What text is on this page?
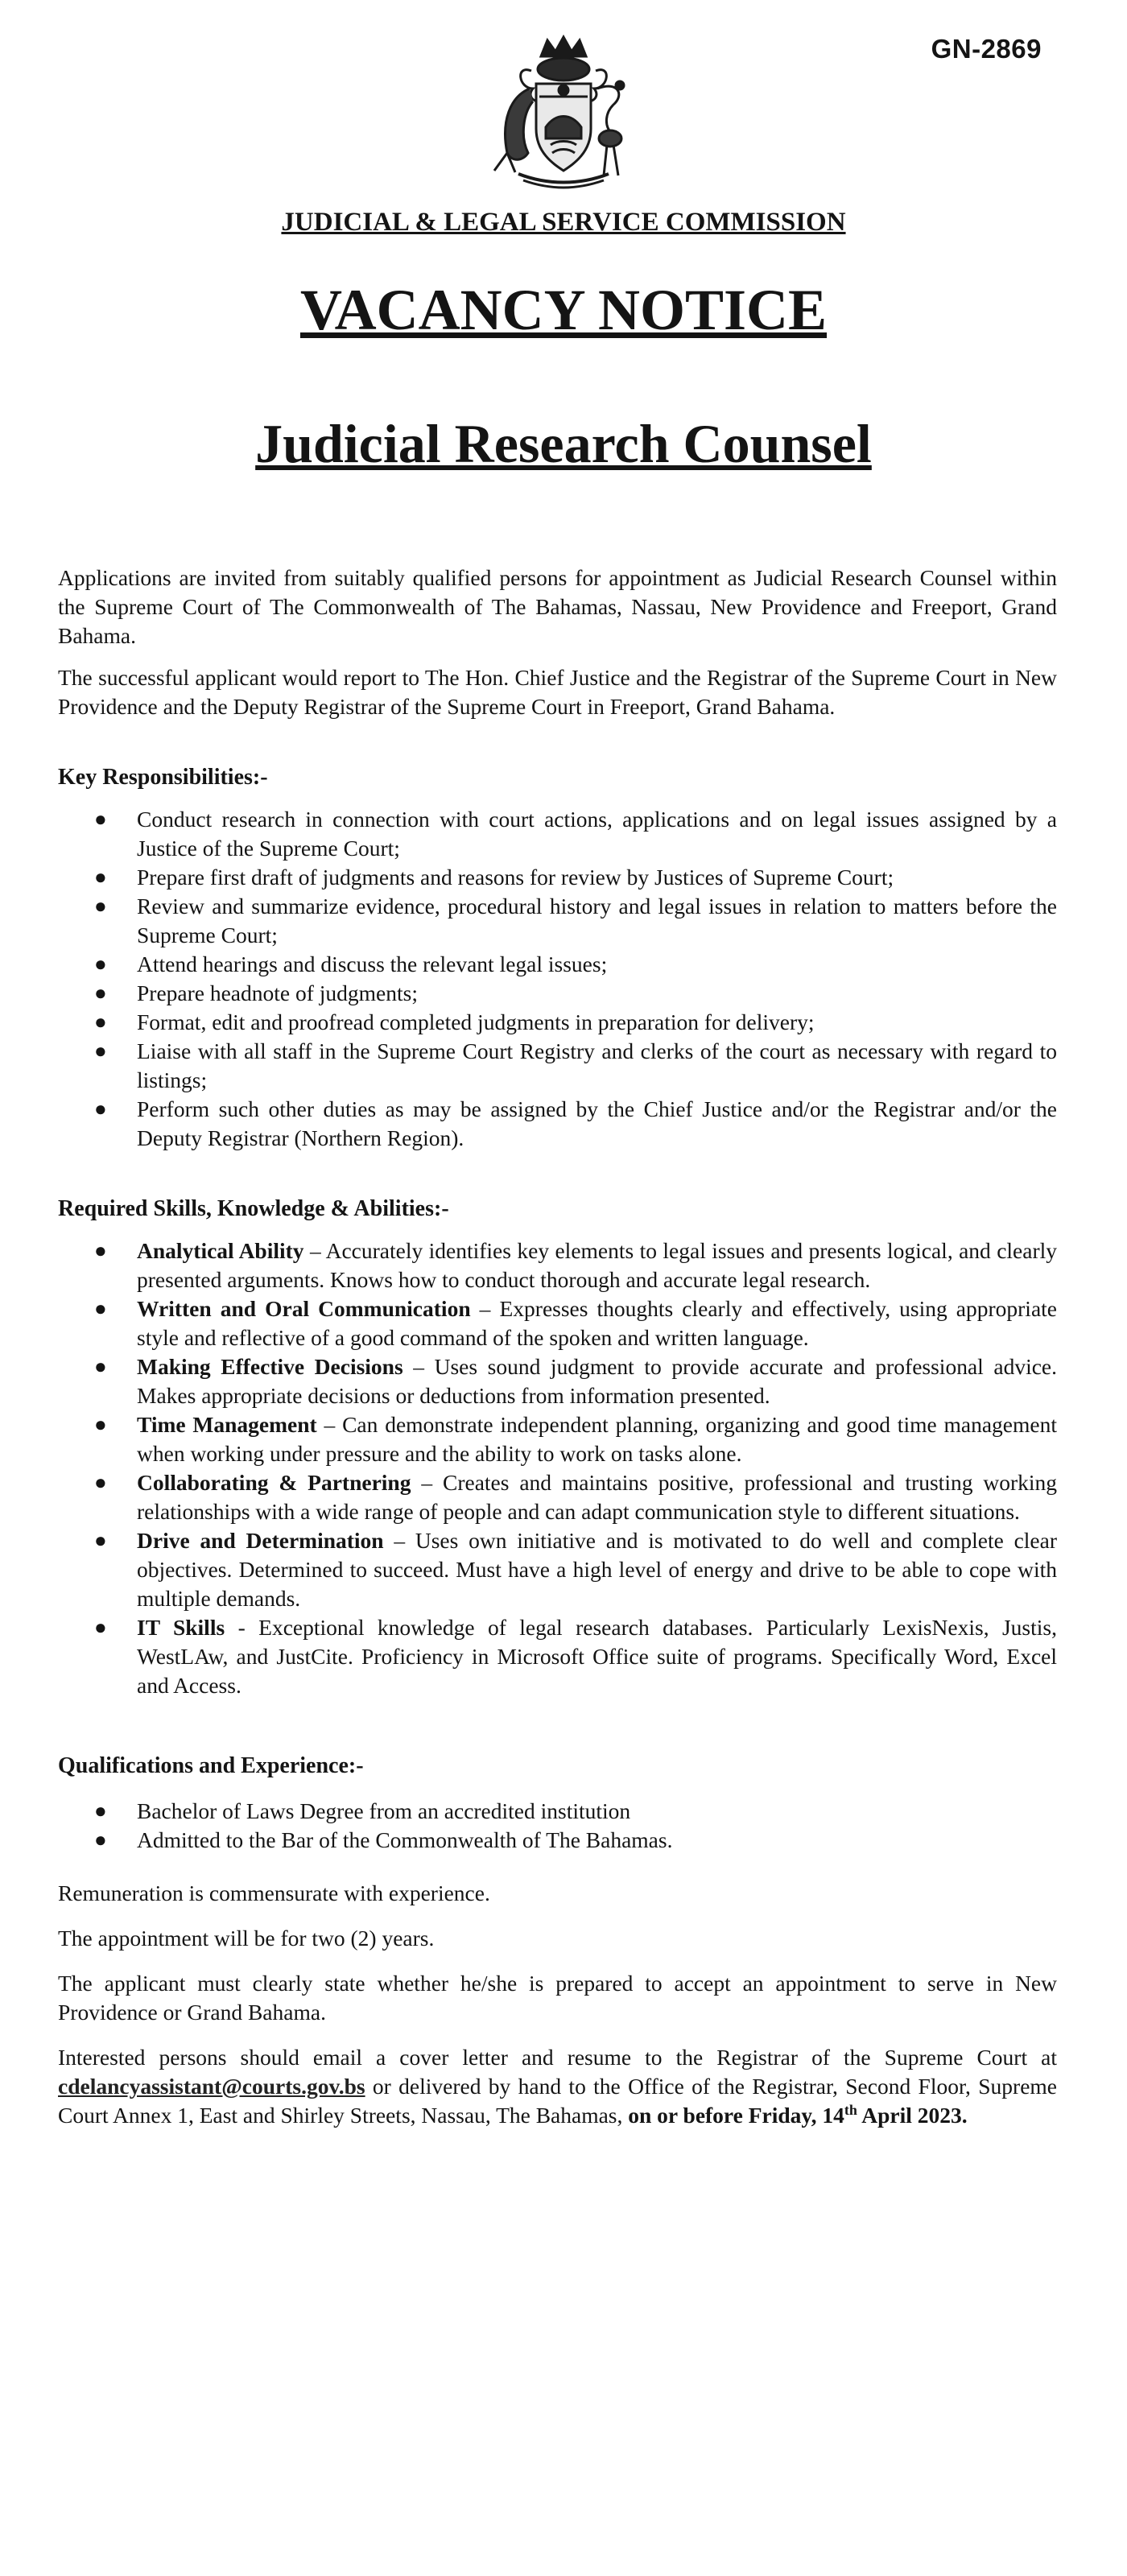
GN-2869
JUDICIAL & LEGAL SERVICE COMMISSION
VACANCY NOTICE
Judicial Research Counsel

Applications are invited from suitably qualified persons for appointment as Judicial Research Counsel within the Supreme Court of The Commonwealth of The Bahamas, Nassau, New Providence and Freeport, Grand Bahama.

The successful applicant would report to The Hon. Chief Justice and the Registrar of the Supreme Court in New Providence and the Deputy Registrar of the Supreme Court in Freeport, Grand Bahama.

Key Responsibilities:-

● Conduct research in connection with court actions, applications and on legal issues assigned by a Justice of the Supreme Court;
● Prepare first draft of judgments and reasons for review by Justices of Supreme Court;
● Review and summarize evidence, procedural history and legal issues in relation to matters before the Supreme Court;
● Attend hearings and discuss the relevant legal issues;
● Prepare headnote of judgments;
● Format, edit and proofread completed judgments in preparation for delivery;
● Liaise with all staff in the Supreme Court Registry and clerks of the court as necessary with regard to listings;
● Perform such other duties as may be assigned by the Chief Justice and/or the Registrar and/or the Deputy Registrar (Northern Region).

Required Skills, Knowledge & Abilities:-

● Analytical Ability – Accurately identifies key elements to legal issues and presents logical, and clearly presented arguments. Knows how to conduct thorough and accurate legal research.
● Written and Oral Communication – Expresses thoughts clearly and effectively, using appropriate style and reflective of a good command of the spoken and written language.
● Making Effective Decisions – Uses sound judgment to provide accurate and professional advice. Makes appropriate decisions or deductions from information presented.
● Time Management – Can demonstrate independent planning, organizing and good time management when working under pressure and the ability to work on tasks alone.
● Collaborating & Partnering – Creates and maintains positive, professional and trusting working relationships with a wide range of people and can adapt communication style to different situations.
● Drive and Determination – Uses own initiative and is motivated to do well and complete clear objectives. Determined to succeed. Must have a high level of energy and drive to be able to cope with multiple demands.
● IT Skills - Exceptional knowledge of legal research databases. Particularly LexisNexis, Justis, WestLAw, and JustCite. Proficiency in Microsoft Office suite of programs. Specifically Word, Excel and Access.

Qualifications and Experience:-

● Bachelor of Laws Degree from an accredited institution
● Admitted to the Bar of the Commonwealth of The Bahamas.

Remuneration is commensurate with experience.

The appointment will be for two (2) years.

The applicant must clearly state whether he/she is prepared to accept an appointment to serve in New Providence or Grand Bahama.

Interested persons should email a cover letter and resume to the Registrar of the Supreme Court at cdelancyassistant@courts.gov.bs or delivered by hand to the Office of the Registrar, Second Floor, Supreme Court Annex 1, East and Shirley Streets, Nassau, The Bahamas, on or before Friday, 14th April 2023.
